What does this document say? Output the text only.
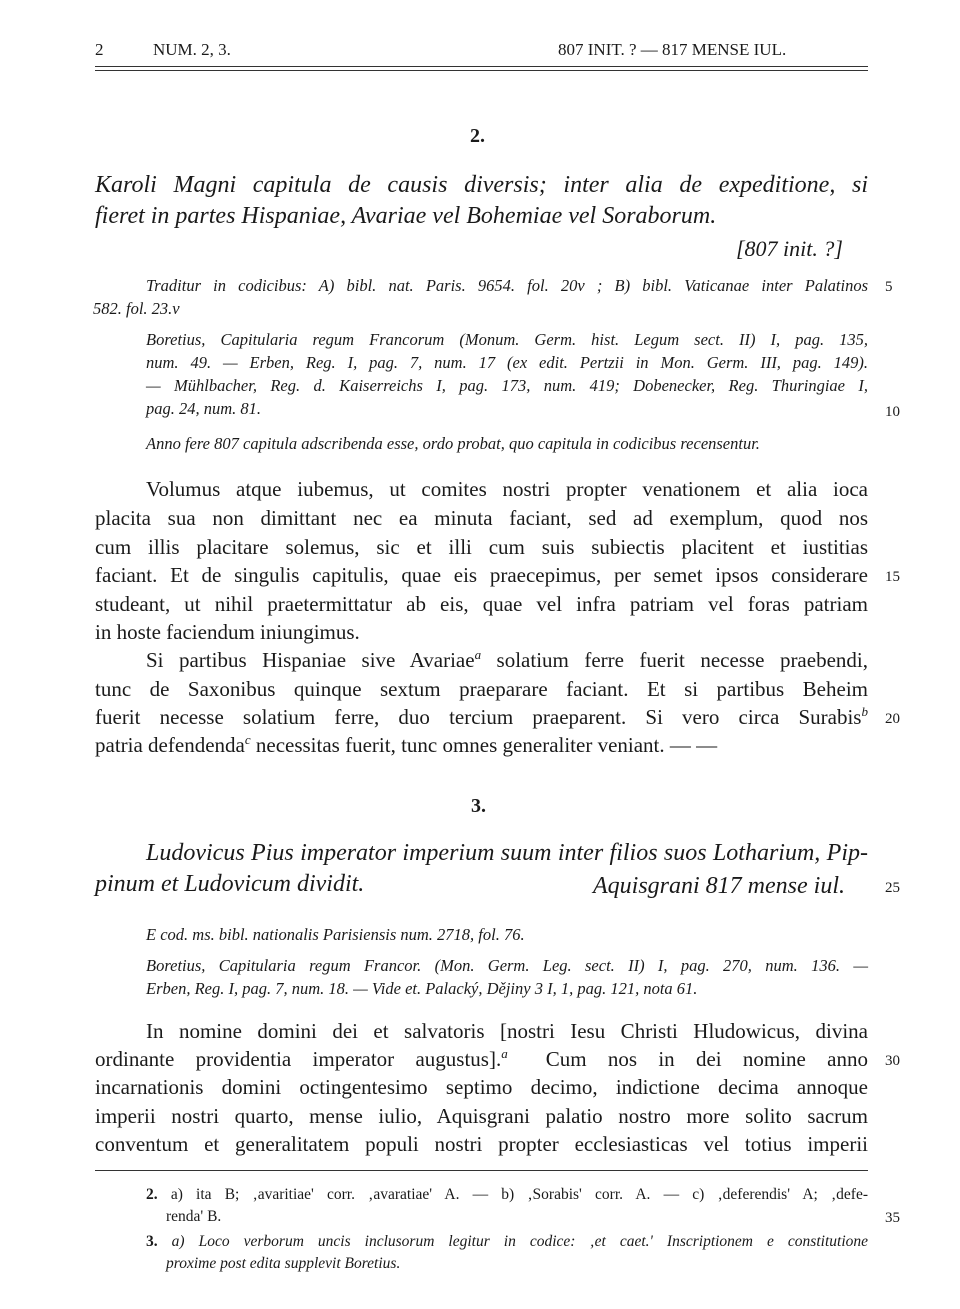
2	NUM. 2, 3.	807 INIT. ? — 817 MENSE IUL.
2.
Karoli Magni capitula de causis diversis; inter alia de expeditione, si
fieret in partes Hispaniae, Avariae vel Bohemiae vel Soraborum.
[807 init. ?]
Traditur in codicibus: A) bibl. nat. Paris. 9654. fol. 20v ; B) bibl. Vaticanae inter Palatinos
582. fol. 23.v
5
Boretius, Capitularia regum Francorum (Monum. Germ. hist. Legum sect. II) I, pag. 135,
num. 49. — Erben, Reg. I, pag. 7, num. 17 (ex edit. Pertzii in Mon. Germ. III, pag. 149).
— Mühlbacher, Reg. d. Kaiserreichs I, pag. 173, num. 419; Dobenecker, Reg. Thuringiae I,
pag. 24, num. 81.	10
Anno fere 807 capitula adscribenda esse, ordo probat, quo capitula in codicibus recensentur.
Volumus atque iubemus, ut comites nostri propter venationem et alia ioca
placita sua non dimittant nec ea minuta faciant, sed ad exemplum, quod nos
cum illis placitare solemus, sic et illi cum suis subiectis placitent et iustitias
faciant. Et de singulis capitulis, quae eis praecepimus, per semet ipsos considerare 15
studeant, ut nihil praetermittatur ab eis, quae vel infra patriam vel foras patriam
in hoste faciendum iniungimus.
Si partibus Hispaniae sive Avariae$^a$ solatium ferre fuerit necesse praebendi,
tunc de Saxonibus quinque sextum praeparare faciant. Et si partibus Beheim
fuerit necesse solatium ferre, duo tercium praeparent. Si vero circa Surabis$^b$ 20
patria defendenda$^c$ necessitas fuerit, tunc omnes generaliter veniant. — —
3.
Ludovicus Pius imperator imperium suum inter filios suos Lotharium, Pip-
pinum et Ludovicum dividit.	Aquisgrani 817 mense iul.	25
E cod. ms. bibl. nationalis Parisiensis num. 2718, fol. 76.
Boretius, Capitularia regum Francor. (Mon. Germ. Leg. sect. II) I, pag. 270, num. 136. —
Erben, Reg. I, pag. 7, num. 18. — Vide et. Palacký, Dějiny 3 I, 1, pag. 121, nota 61.
In nomine domini dei et salvatoris [nostri Iesu Christi Hludowicus, divina
ordinante providentia imperator augustus].$^a$ Cum nos in dei nomine anno 30
incarnationis domini octingentesimo septimo decimo, indictione decima annoque
imperii nostri quarto, mense iulio, Aquisgrani palatio nostro more solito sacrum
conventum et generalitatem populi nostri propter ecclesiasticas vel totius imperii
2. a) ita B; ‚avaritiae' corr. ‚avaratiae' A. — b) ‚Sorabis' corr. A. — c) ‚deferendis' A; ‚defe-
renda' B.	35
3. a) Loco verborum uncis inclusorum legitur in codice: ‚et caet.' Inscriptionem e constitutione
proxime post edita supplevit Boretius.
